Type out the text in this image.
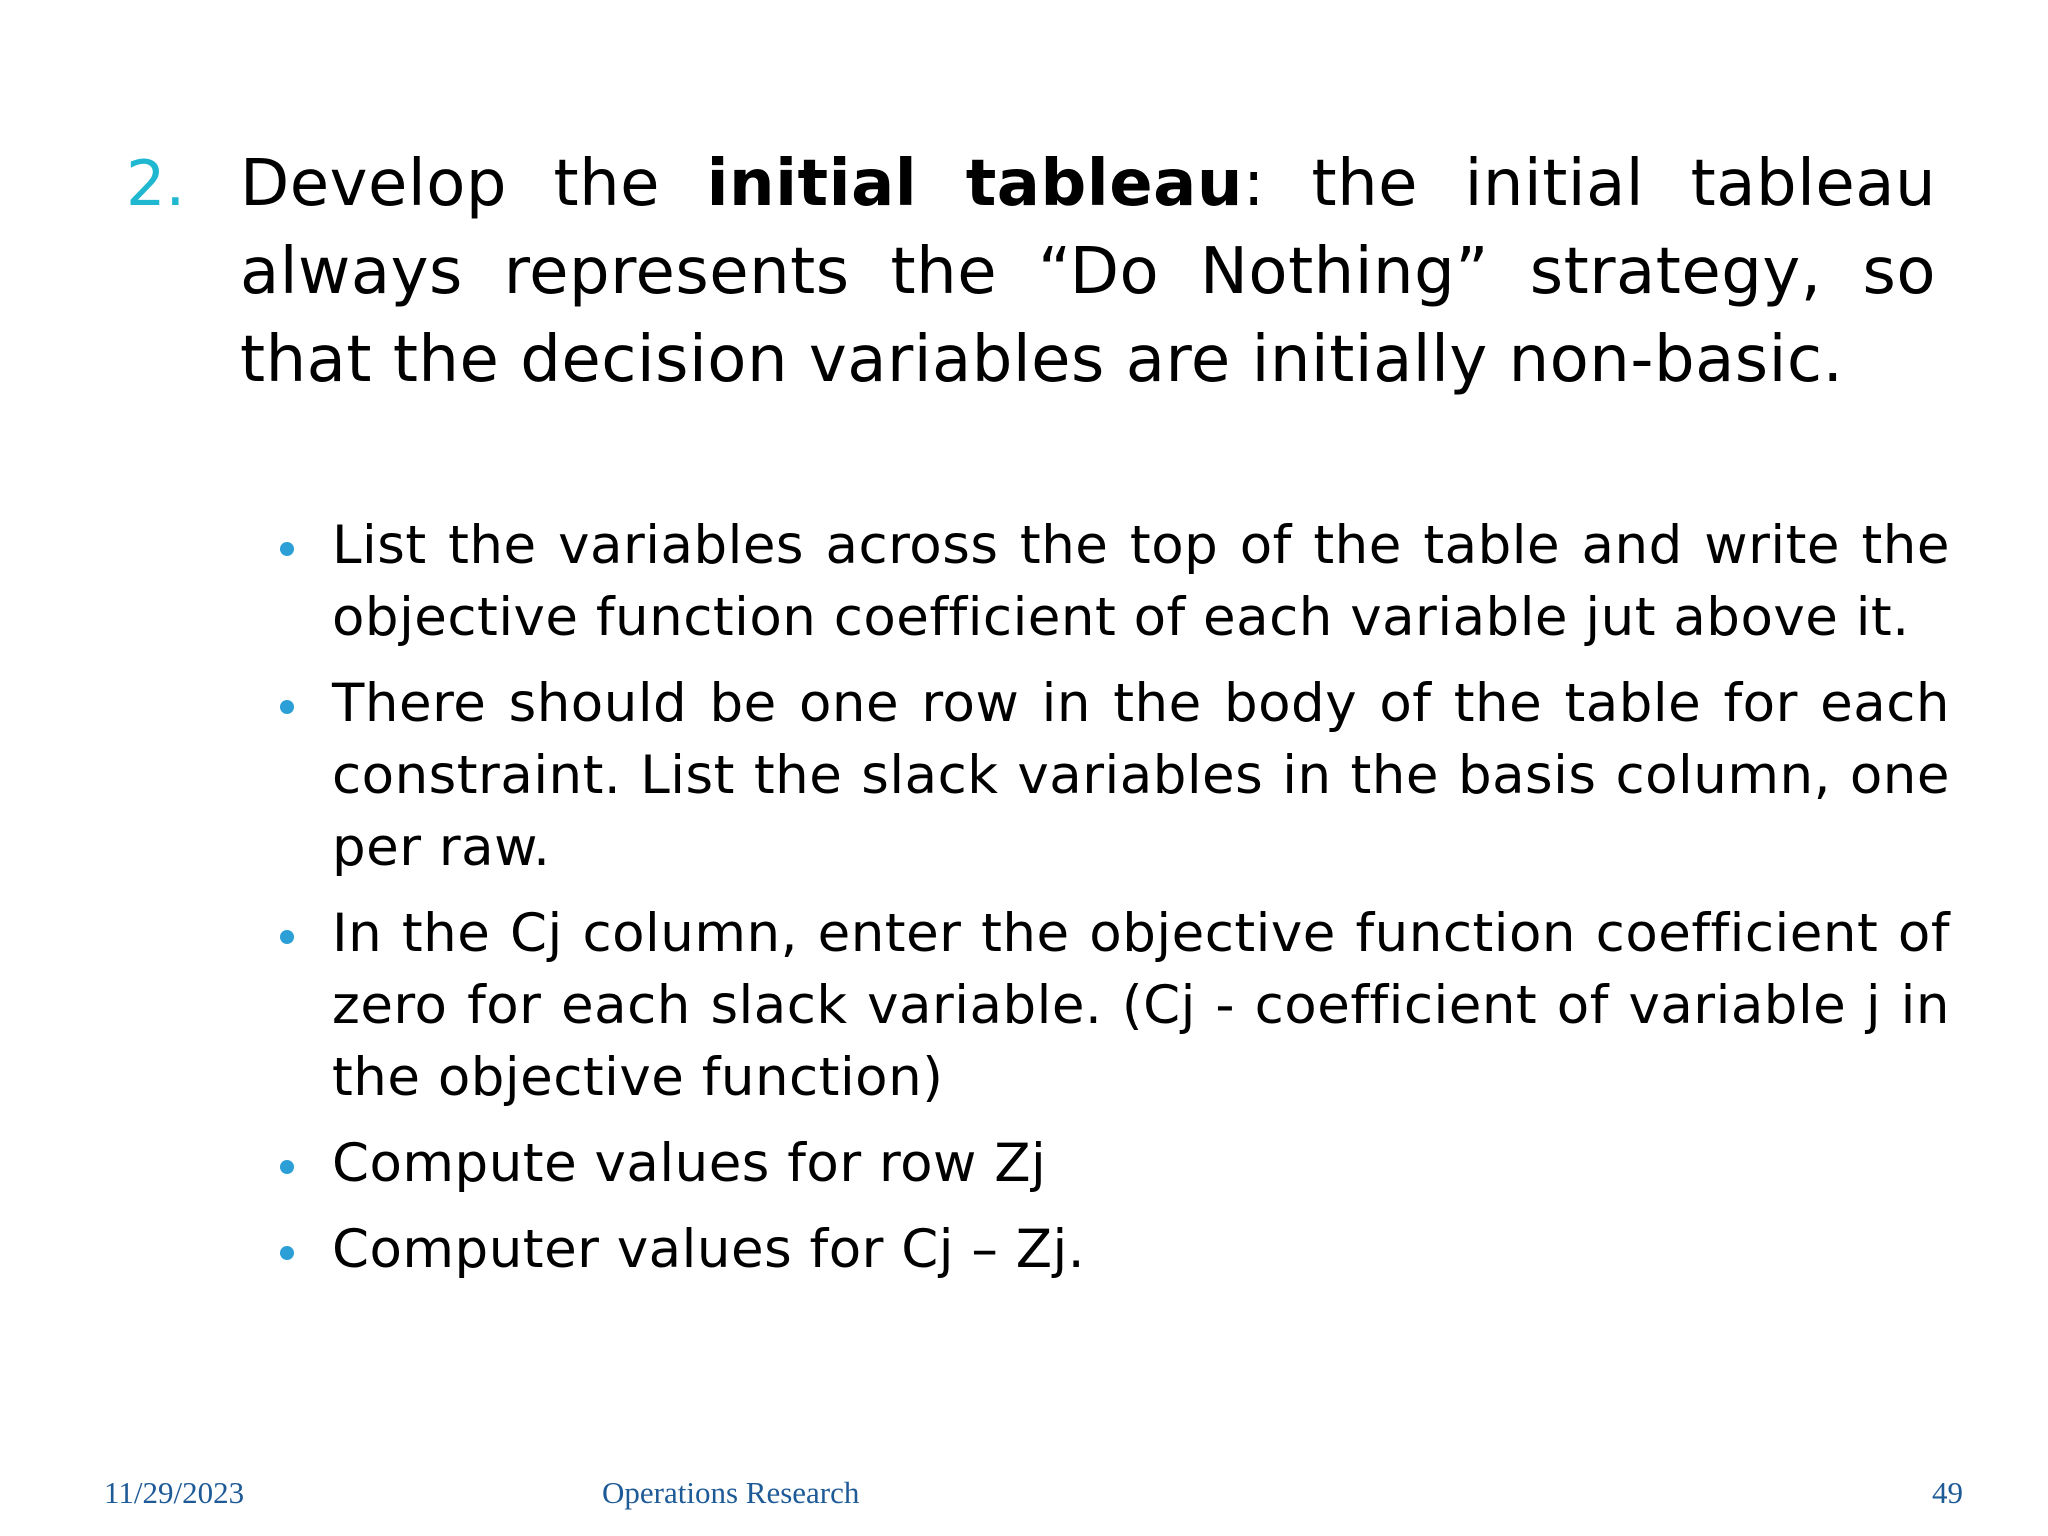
2. Develop the initial tableau: the initial tableau always represents the “Do Nothing” strategy, so that the decision variables are initially non-basic.
List the variables across the top of the table and write the objective function coefficient of each variable jut above it.
There should be one row in the body of the table for each constraint. List the slack variables in the basis column, one per raw.
In the Cj column, enter the objective function coefficient of zero for each slack variable. (Cj - coefficient of variable j in the objective function)
Compute values for row Zj
Computer values for Cj – Zj.
11/29/2023	Operations Research	49
